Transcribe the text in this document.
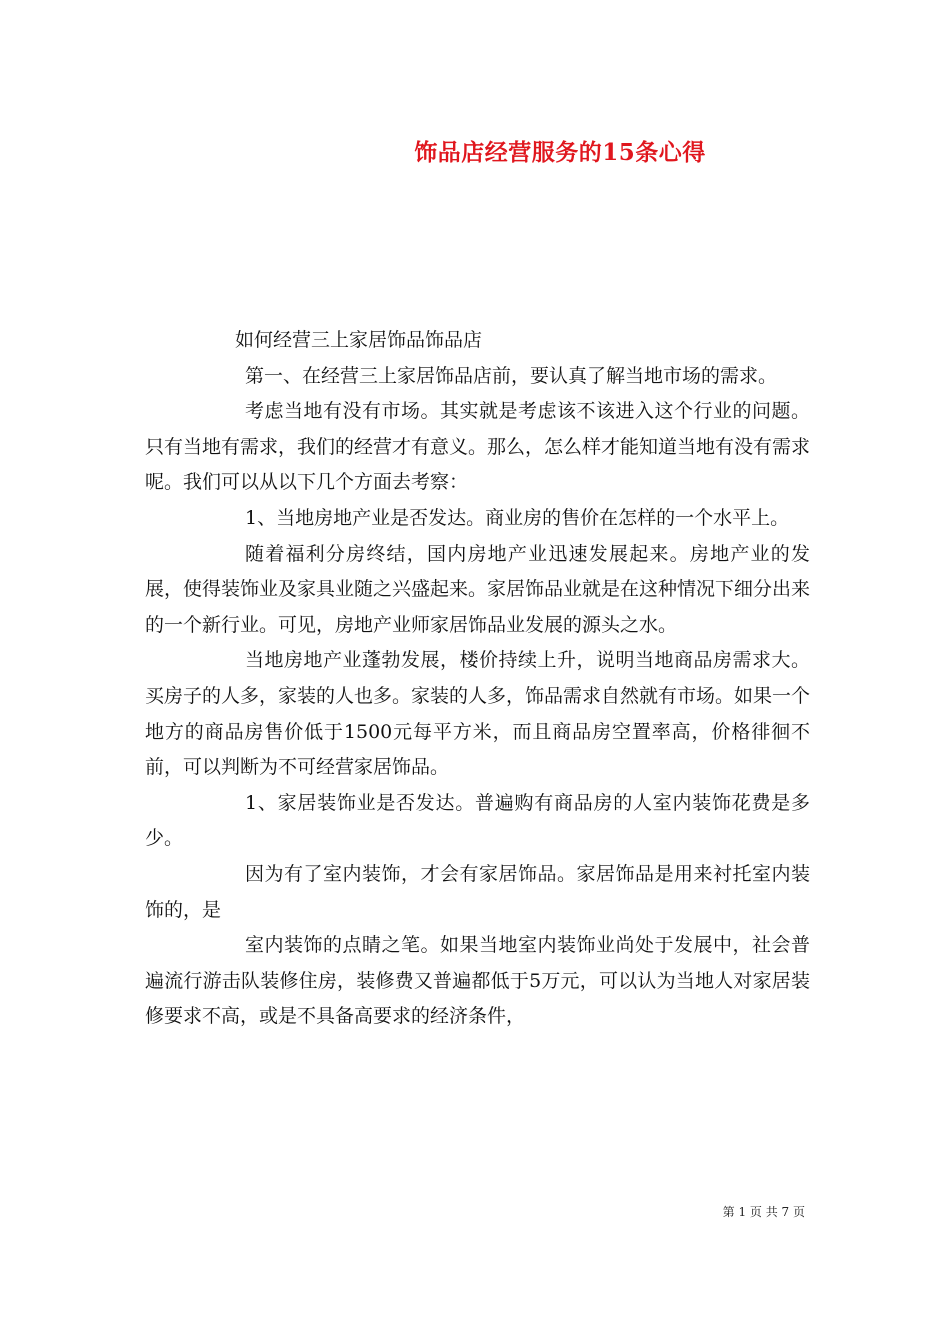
饰品店经营服务的15条心得

如何经营三上家居饰品饰品店

第一、在经营三上家居饰品店前，要认真了解当地市场的需求。

考虑当地有没有市场。其实就是考虑该不该进入这个行业的问题。只有当地有需求，我们的经营才有意义。那么，怎么样才能知道当地有没有需求呢。我们可以从以下几个方面去考察：

1、当地房地产业是否发达。商业房的售价在怎样的一个水平上。

随着福利分房终结，国内房地产业迅速发展起来。房地产业的发展，使得装饰业及家具业随之兴盛起来。家居饰品业就是在这种情况下细分出来的一个新行业。可见，房地产业师家居饰品业发展的源头之水。

当地房地产业蓬勃发展，楼价持续上升，说明当地商品房需求大。买房子的人多，家装的人也多。家装的人多，饰品需求自然就有市场。如果一个地方的商品房售价低于1500元每平方米，而且商品房空置率高，价格徘徊不前，可以判断为不可经营家居饰品。

1、家居装饰业是否发达。普遍购有商品房的人室内装饰花费是多少。

因为有了室内装饰，才会有家居饰品。家居饰品是用来衬托室内装饰的，是

室内装饰的点睛之笔。如果当地室内装饰业尚处于发展中，社会普遍流行游击队装修住房，装修费又普遍都低于5万元，可以认为当地人对家居装修要求不高，或是不具备高要求的经济条件，

第 1 页 共 7 页
